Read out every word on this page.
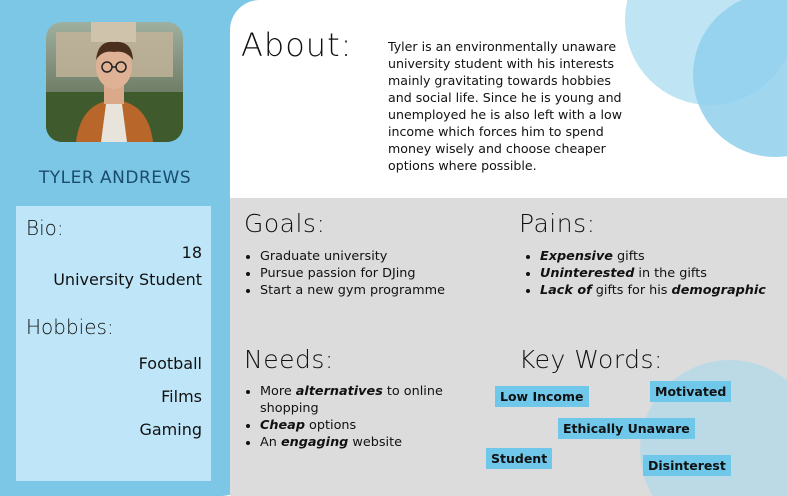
TYLER ANDREWS
Bio:
18
University Student
Hobbies:
Football
Films
Gaming
About:	Tyler is an environmentally unaware university student with his interests mainly gravitating towards hobbies and social life. Since he is young and unemployed he is also left with a low income which forces him to spend money wisely and choose cheaper options where possible.
Goals:
• Graduate university
• Pursue passion for DJing
• Start a new gym programme
Pains:
• Expensive gifts
• Uninterested in the gifts
• Lack of gifts for his demographic
Needs:
• More alternatives to online shopping
• Cheap options
• An engaging website
Key Words:
Low Income	Motivated
Ethically Unaware
Student	Disinterest
